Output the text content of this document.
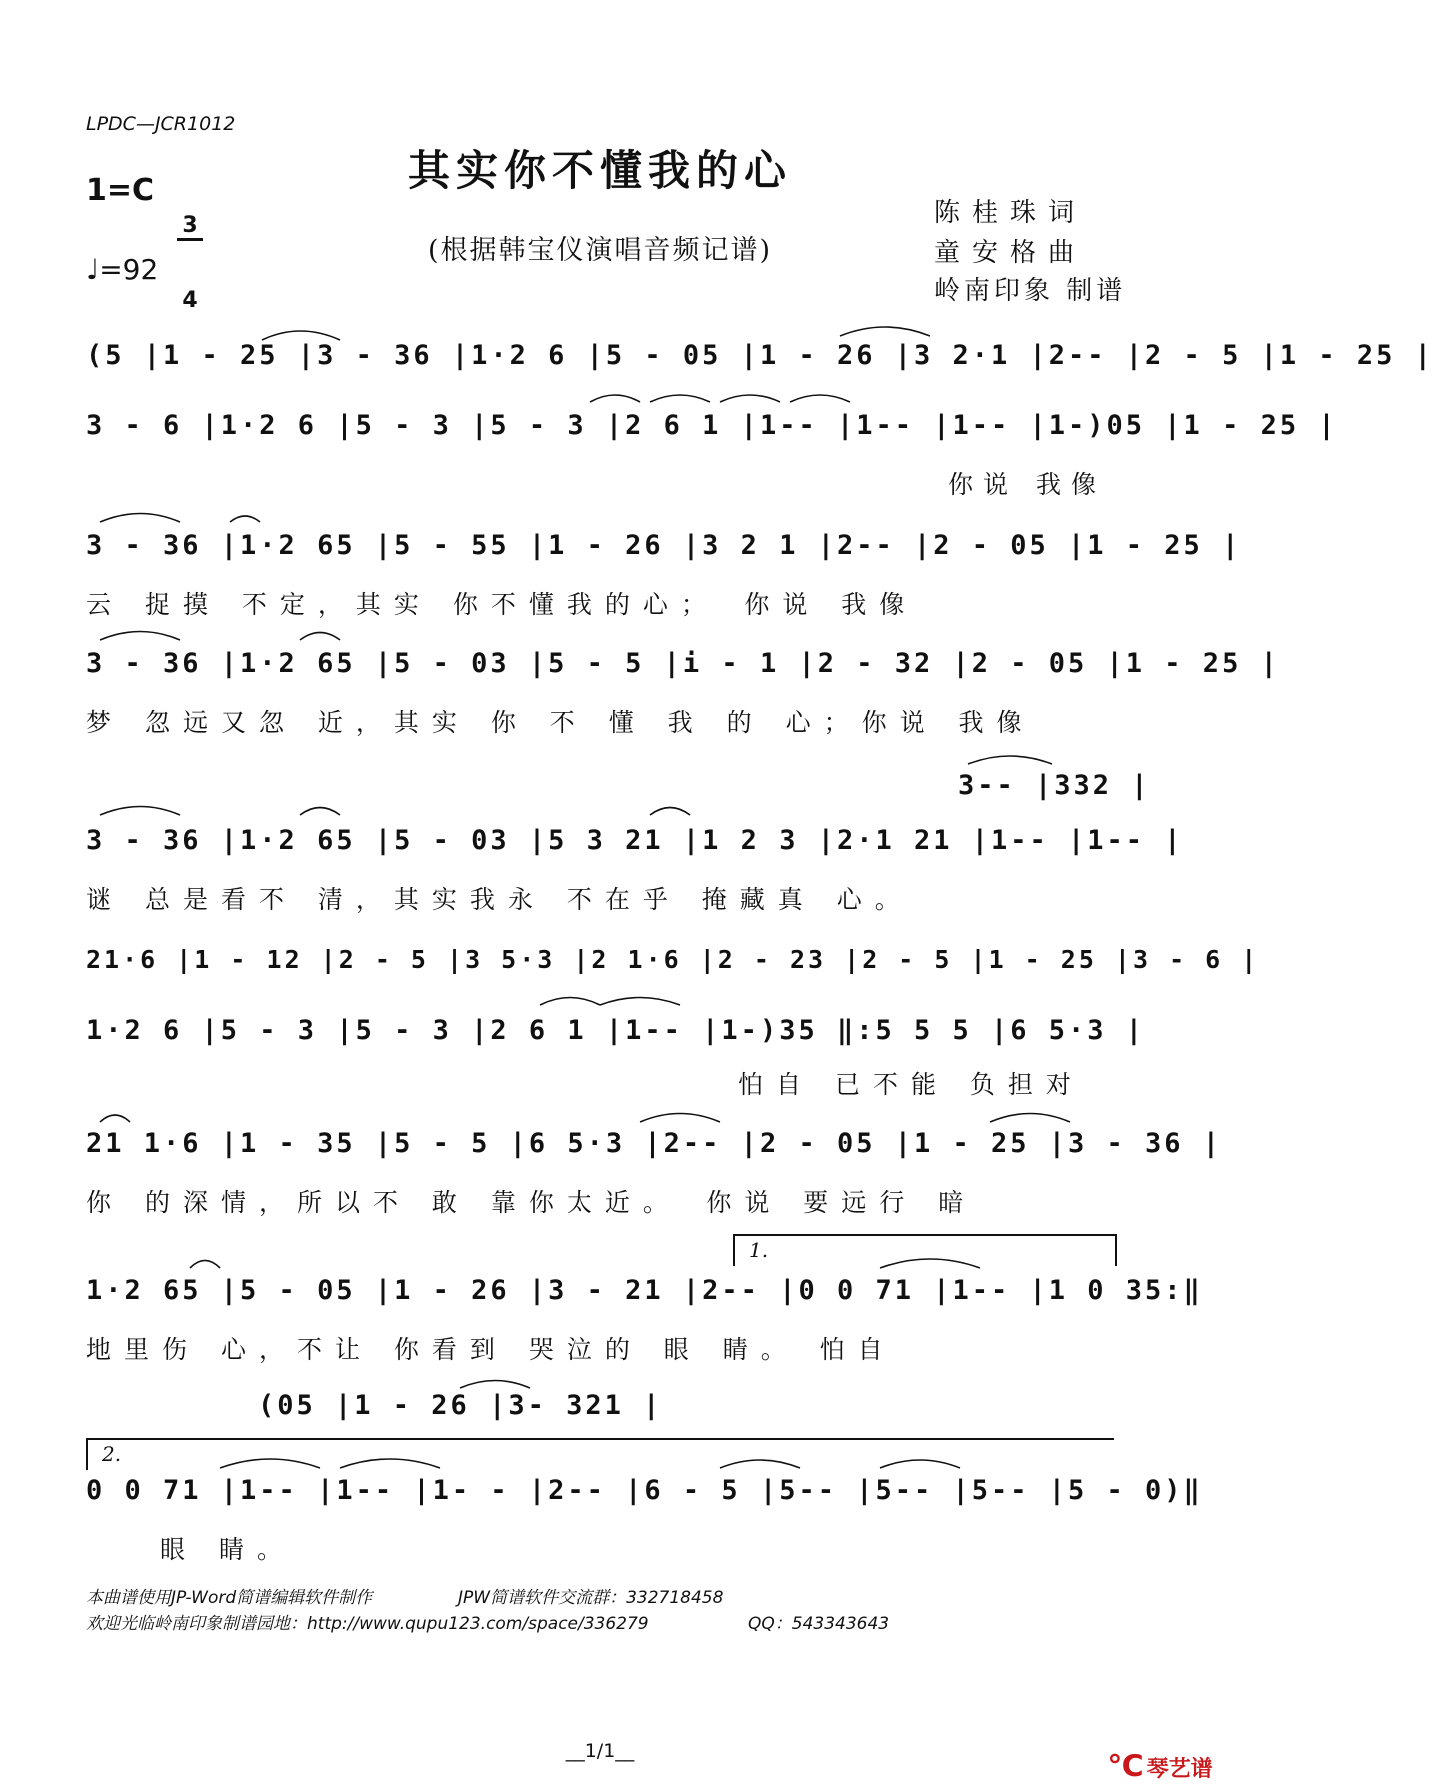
LPDC—JCR1012
其实你不懂我的心
1=C

3

4

♩=92
(根据韩宝仪演唱音频记谱)
陈桂珠词
童安格曲
岭南印象 制谱
(5 |1 - 25 |3 - 36 |1·2 6 |5 - 05 |1 - 26 |3 2·1 |2-- |2 - 5 |1 - 25 |
3 - 6 |1·2 6 |5 - 3 |5 - 3 |2 6 1 |1-- |1-- |1-- |1-)05 |1 - 25 |
你说 我像
3 - 36 |1·2 65 |5 - 55 |1 - 26 |3 2 1 |2-- |2 - 05 |1 - 25 |
云 捉摸 不定，其实 你不懂我的心；　你说 我像
3 - 36 |1·2 65 |5 - 03 |5 - 5 |i - 1 |2 - 32 |2 - 05 |1 - 25 |
梦 忽远又忽 近，其实 你 不 懂 我 的 心；你说 我像
3-- |332 |
3 - 36 |1·2 65 |5 - 03 |5 3 21 |1 2 3 |2·1 21 |1-- |1-- |
谜 总是看不 清，其实我永 不在乎 掩藏真 心。
21·6 |1 - 12 |2 - 5 |3 5·3 |2 1·6 |2 - 23 |2 - 5 |1 - 25 |3 - 6 |
1·2 6 |5 - 3 |5 - 3 |2 6 1 |1-- |1-)35 ‖:5 5 5 |6 5·3 |
怕自 已不能 负担对
21 1·6 |1 - 35 |5 - 5 |6 5·3 |2-- |2 - 05 |1 - 25 |3 - 36 |
你 的深情，所以不 敢 靠你太近。　你说 要远行 暗
1.
1·2 65 |5 - 05 |1 - 26 |3 - 21 |2-- |0 0 71 |1-- |1 0 35:‖
地里伤 心，不让 你看到 哭泣的 眼 睛。 怕自
(05 |1 - 26 |3- 321 |
2.
0 0 71 |1-- |1-- |1- - |2-- |6 - 5 |5-- |5-- |5-- |5 - 0)‖
眼 睛。
本曲谱使用JP-Word简谱编辑软件制作	JPW简谱软件交流群：332718458
欢迎光临岭南印象制谱园地：http://www.qupu123.com/space/336279	QQ：543343643
__1/1__	℃ 琴艺谱
